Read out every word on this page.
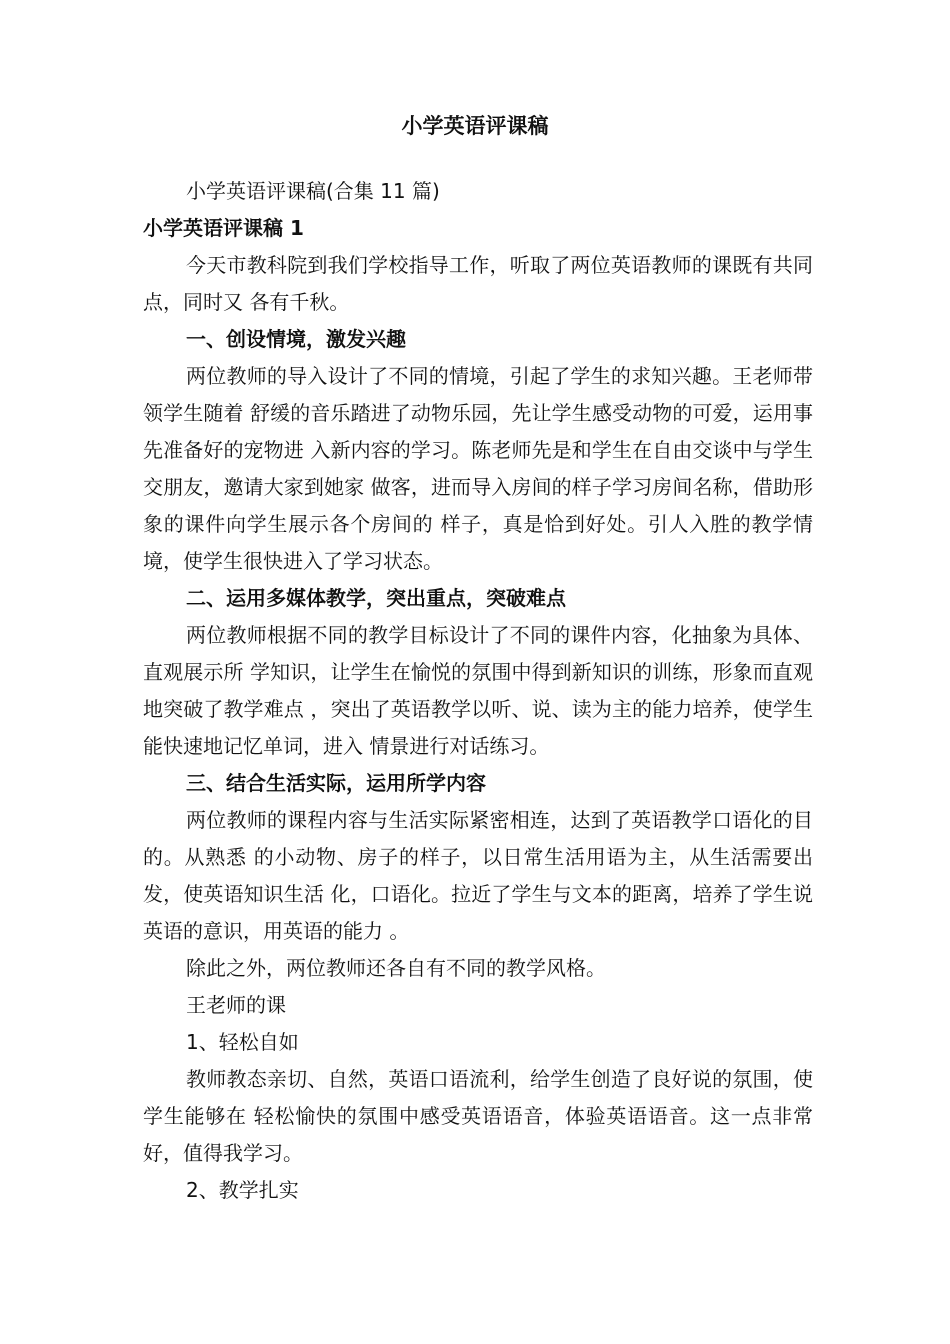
小学英语评课稿

小学英语评课稿(合集 11 篇)

小学英语评课稿 1

今天市教科院到我们学校指导工作，听取了两位英语教师的课既有共同点，同时又 各有千秋。

一、创设情境，激发兴趣

两位教师的导入设计了不同的情境，引起了学生的求知兴趣。王老师带领学生随着 舒缓的音乐踏进了动物乐园，先让学生感受动物的可爱，运用事先准备好的宠物进 入新内容的学习。陈老师先是和学生在自由交谈中与学生交朋友，邀请大家到她家 做客，进而导入房间的样子学习房间名称，借助形象的课件向学生展示各个房间的 样子，真是恰到好处。引人入胜的教学情境，使学生很快进入了学习状态。

二、运用多媒体教学，突出重点，突破难点

两位教师根据不同的教学目标设计了不同的课件内容，化抽象为具体、直观展示所 学知识，让学生在愉悦的氛围中得到新知识的训练，形象而直观地突破了教学难点 ，突出了英语教学以听、说、读为主的能力培养，使学生能快速地记忆单词，进入 情景进行对话练习。

三、结合生活实际，运用所学内容

两位教师的课程内容与生活实际紧密相连，达到了英语教学口语化的目的。从熟悉 的小动物、房子的样子，以日常生活用语为主，从生活需要出发，使英语知识生活 化，口语化。拉近了学生与文本的距离，培养了学生说英语的意识，用英语的能力 。

除此之外，两位教师还各自有不同的教学风格。

王老师的课

1、轻松自如

教师教态亲切、自然，英语口语流利，给学生创造了良好说的氛围，使学生能够在 轻松愉快的氛围中感受英语语音，体验英语语音。这一点非常好，值得我学习。

2、教学扎实
